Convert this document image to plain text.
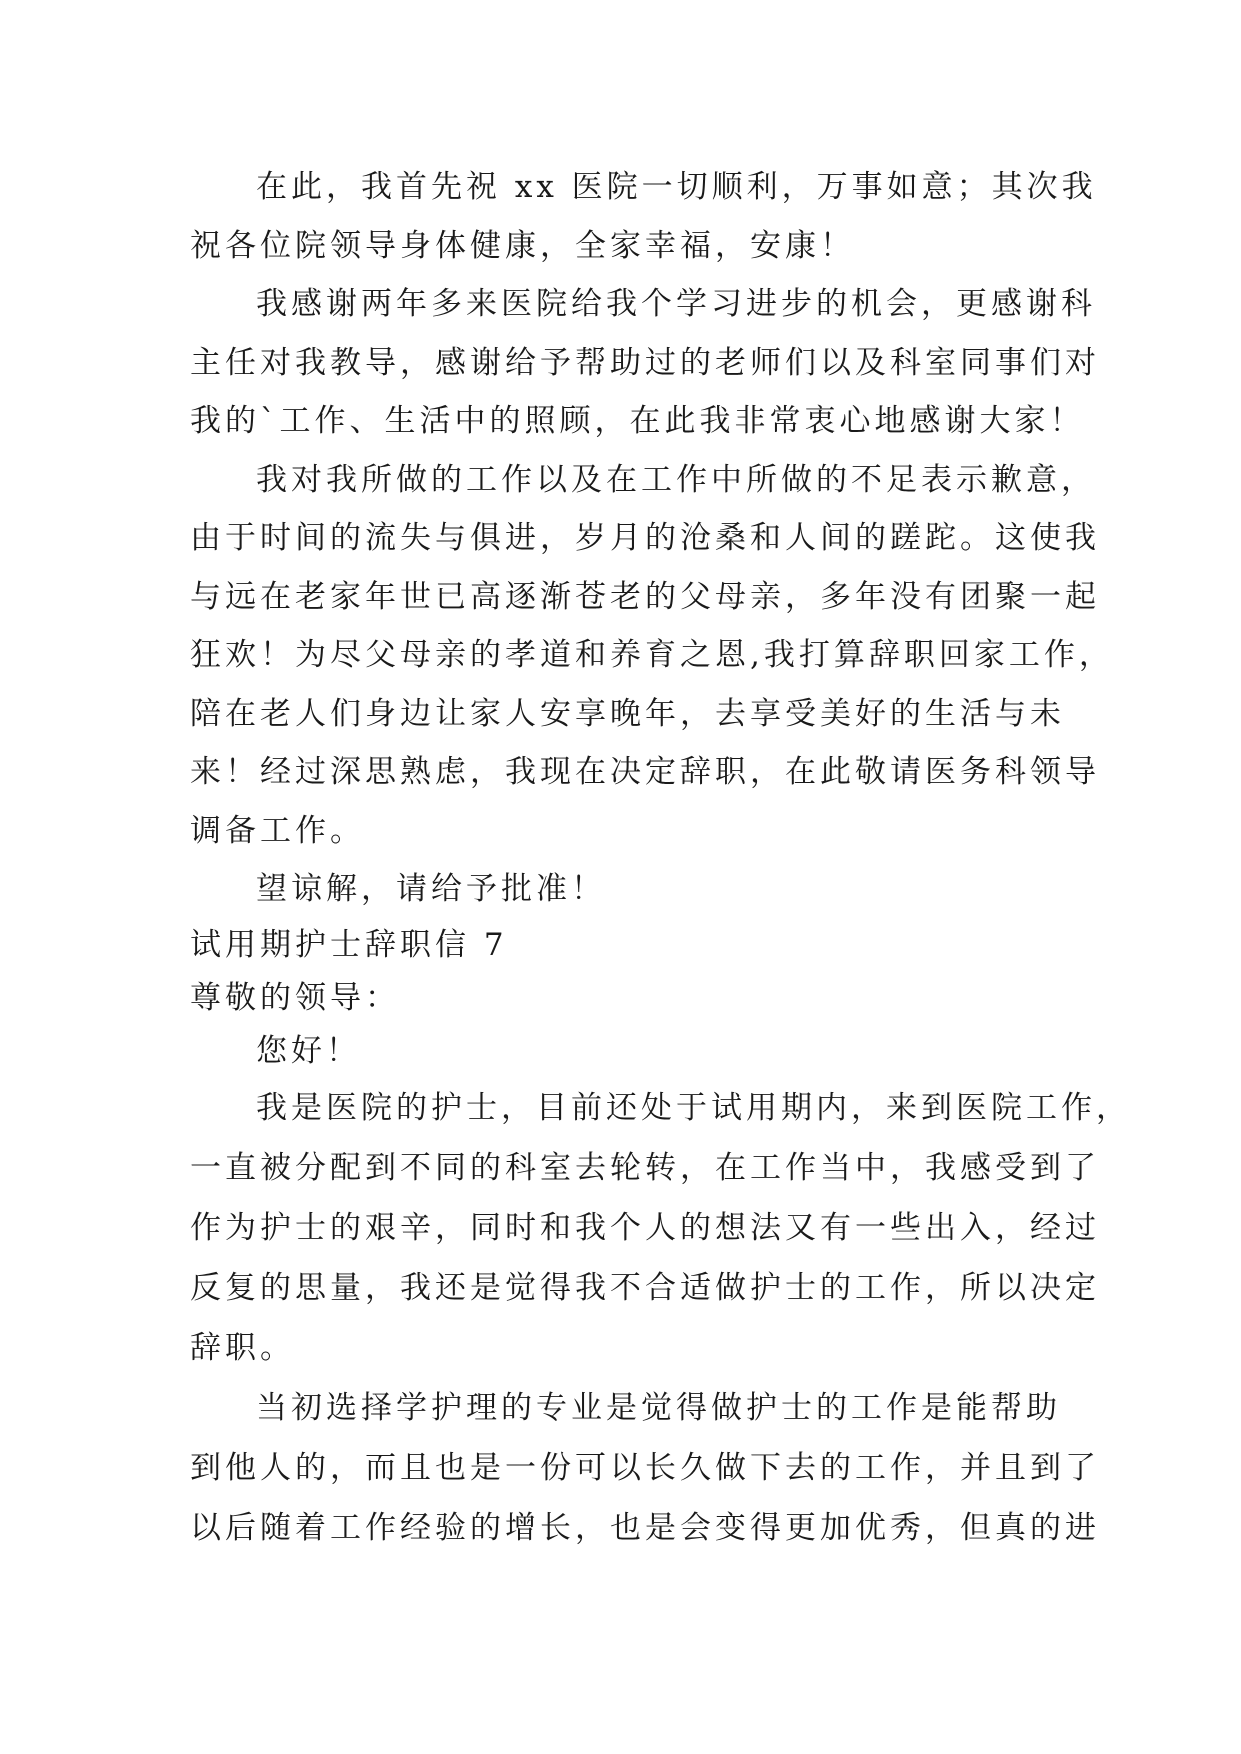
在此，我首先祝 xx 医院一切顺利，万事如意；其次我
祝各位院领导身体健康，全家幸福，安康！
我感谢两年多来医院给我个学习进步的机会，更感谢科
主任对我教导，感谢给予帮助过的老师们以及科室同事们对
我的`工作、生活中的照顾，在此我非常衷心地感谢大家！
我对我所做的工作以及在工作中所做的不足表示歉意，
由于时间的流失与俱进，岁月的沧桑和人间的蹉跎。这使我
与远在老家年世已高逐渐苍老的父母亲，多年没有团聚一起
狂欢！为尽父母亲的孝道和养育之恩,我打算辞职回家工作，
陪在老人们身边让家人安享晚年，去享受美好的生活与未
来！经过深思熟虑，我现在决定辞职，在此敬请医务科领导
调备工作。
望谅解，请给予批准！
试用期护士辞职信 7
尊敬的领导：
您好！
我是医院的护士，目前还处于试用期内，来到医院工作，
一直被分配到不同的科室去轮转，在工作当中，我感受到了
作为护士的艰辛，同时和我个人的想法又有一些出入，经过
反复的思量，我还是觉得我不合适做护士的工作，所以决定
辞职。
当初选择学护理的专业是觉得做护士的工作是能帮助
到他人的，而且也是一份可以长久做下去的工作，并且到了
以后随着工作经验的增长，也是会变得更加优秀，但真的进
